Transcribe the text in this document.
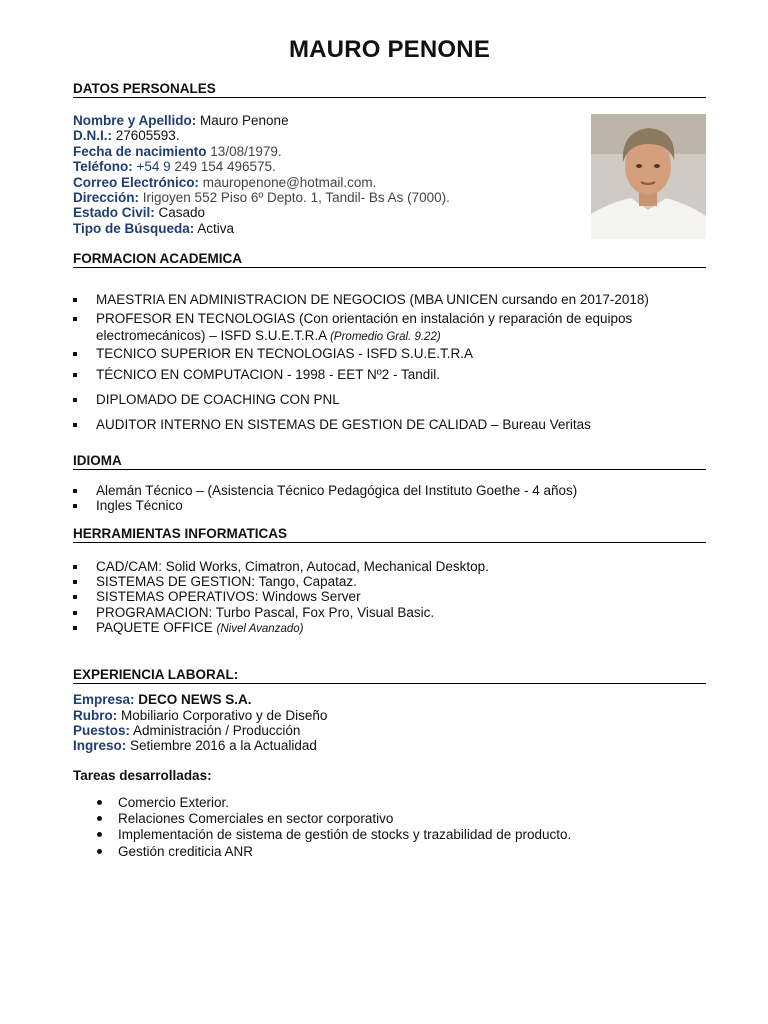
MAURO PENONE
DATOS PERSONALES
Nombre y Apellido: Mauro Penone
D.N.I.: 27605593.
Fecha de nacimiento 13/08/1979.
Teléfono: +54 9 249 154 496575.
Correo Electrónico: mauropenone@hotmail.com.
Dirección: Irigoyen 552 Piso 6º Depto. 1, Tandil- Bs As (7000).
Estado Civil: Casado
Tipo de Búsqueda: Activa
FORMACION ACADEMICA
MAESTRIA EN ADMINISTRACION DE NEGOCIOS (MBA UNICEN cursando en 2017-2018)
PROFESOR EN TECNOLOGIAS (Con orientación en instalación y reparación de equipos
electromecánicos) – ISFD S.U.E.T.R.A (Promedio Gral. 9.22)
TECNICO SUPERIOR EN TECNOLOGIAS - ISFD S.U.E.T.R.A
TÉCNICO EN COMPUTACION - 1998 - EET Nº2 - Tandil.
DIPLOMADO DE COACHING CON PNL
AUDITOR INTERNO EN SISTEMAS DE GESTION DE CALIDAD – Bureau Veritas
IDIOMA
Alemán Técnico – (Asistencia Técnico Pedagógica del Instituto Goethe - 4 años)
Ingles Técnico
HERRAMIENTAS INFORMATICAS
CAD/CAM: Solid Works, Cimatron, Autocad, Mechanical Desktop.
SISTEMAS DE GESTION: Tango, Capataz.
SISTEMAS OPERATIVOS: Windows Server
PROGRAMACION: Turbo Pascal, Fox Pro, Visual Basic.
PAQUETE OFFICE (Nivel Avanzado)
EXPERIENCIA LABORAL:
Empresa: DECO NEWS S.A.
Rubro: Mobiliario Corporativo y de Diseño
Puestos: Administración / Producción
Ingreso: Setiembre 2016 a la Actualidad
Tareas desarrolladas:
Comercio Exterior.
Relaciones Comerciales en sector corporativo
Implementación de sistema de gestión de stocks y trazabilidad de producto.
Gestión crediticia ANR
